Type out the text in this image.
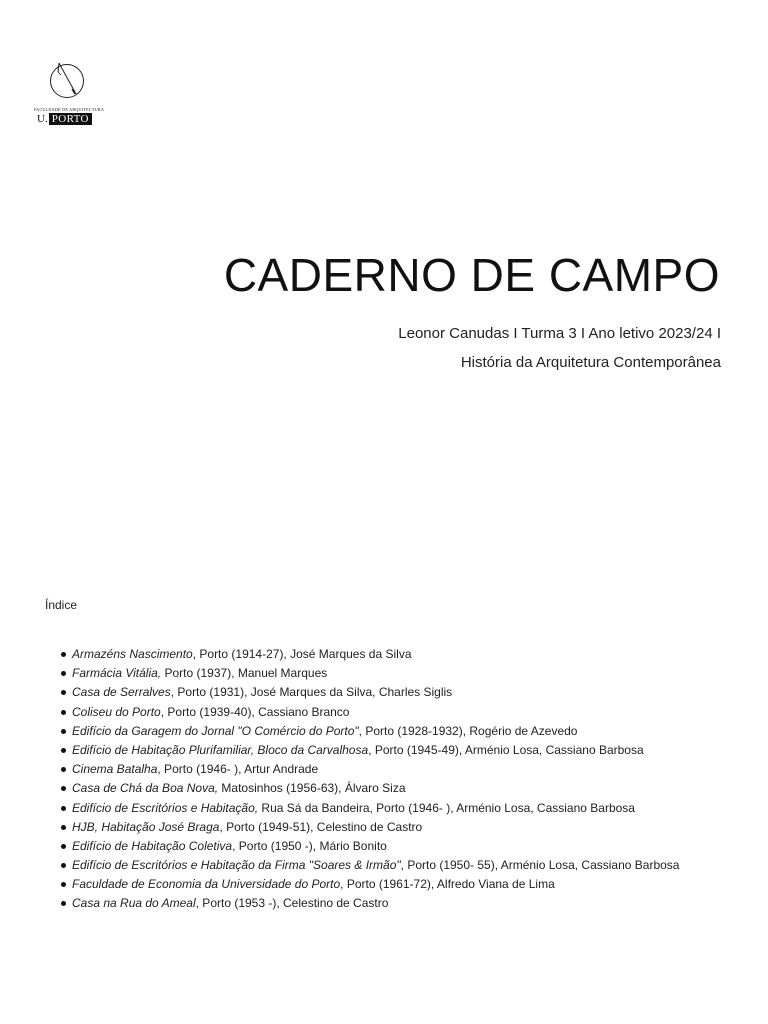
FACULDADE DE ARQUITECTURA
U. PORTO
CADERNO DE CAMPO

Leonor Canudas I Turma 3 I Ano letivo 2023/24 I

História da Arquitetura Contemporânea

Índice
Armazéns Nascimento, Porto (1914-27), José Marques da Silva
Farmácia Vitália, Porto (1937), Manuel Marques
Casa de Serralves, Porto (1931), José Marques da Silva, Charles Siglis
Coliseu do Porto, Porto (1939-40), Cassiano Branco
Edifício da Garagem do Jornal "O Comércio do Porto", Porto (1928-1932), Rogério de Azevedo
Edifício de Habitação Plurifamiliar, Bloco da Carvalhosa, Porto (1945-49), Arménio Losa, Cassiano Barbosa
Cinema Batalha, Porto (1946- ), Artur Andrade
Casa de Chá da Boa Nova, Matosinhos (1956-63), Álvaro Siza
Edifício de Escritórios e Habitação, Rua Sá da Bandeira, Porto (1946- ), Arménio Losa, Cassiano Barbosa
HJB, Habitação José Braga, Porto (1949-51), Celestino de Castro
Edifício de Habitação Coletiva, Porto (1950 -), Mário Bonito
Edifício de Escritórios e Habitação da Firma "Soares & Irmão", Porto (1950- 55), Arménio Losa, Cassiano Barbosa
Faculdade de Economia da Universidade do Porto, Porto (1961-72), Alfredo Viana de Lima
Casa na Rua do Ameal, Porto (1953 -), Celestino de Castro
